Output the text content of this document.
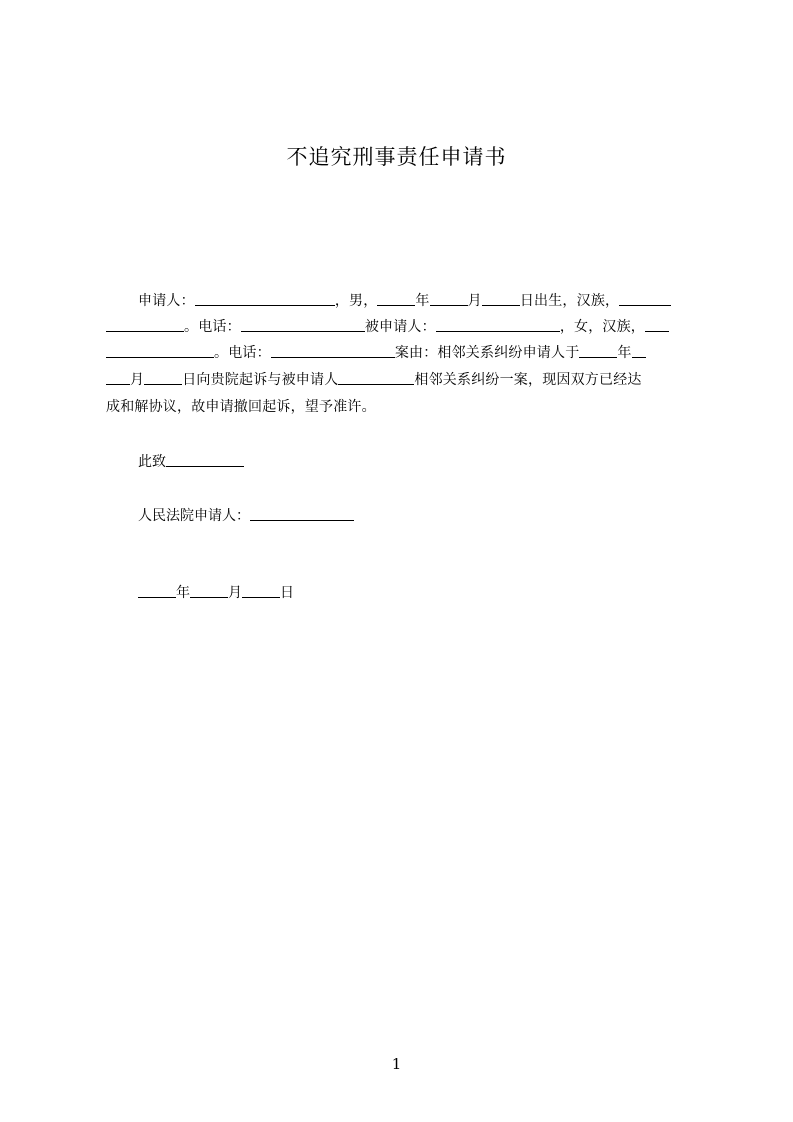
不追究刑事责任申请书
申请人：	，男，	年	月	日出生，汉族，
。电话：	被申请人：	，女，汉族，
。电话：	案由：相邻关系纠纷申请人于	年
月	日向贵院起诉与被申请人	相邻关系纠纷一案，现因双方已经达
成和解协议，故申请撤回起诉，望予准许。
此致
人民法院申请人：
年	月	日
1
